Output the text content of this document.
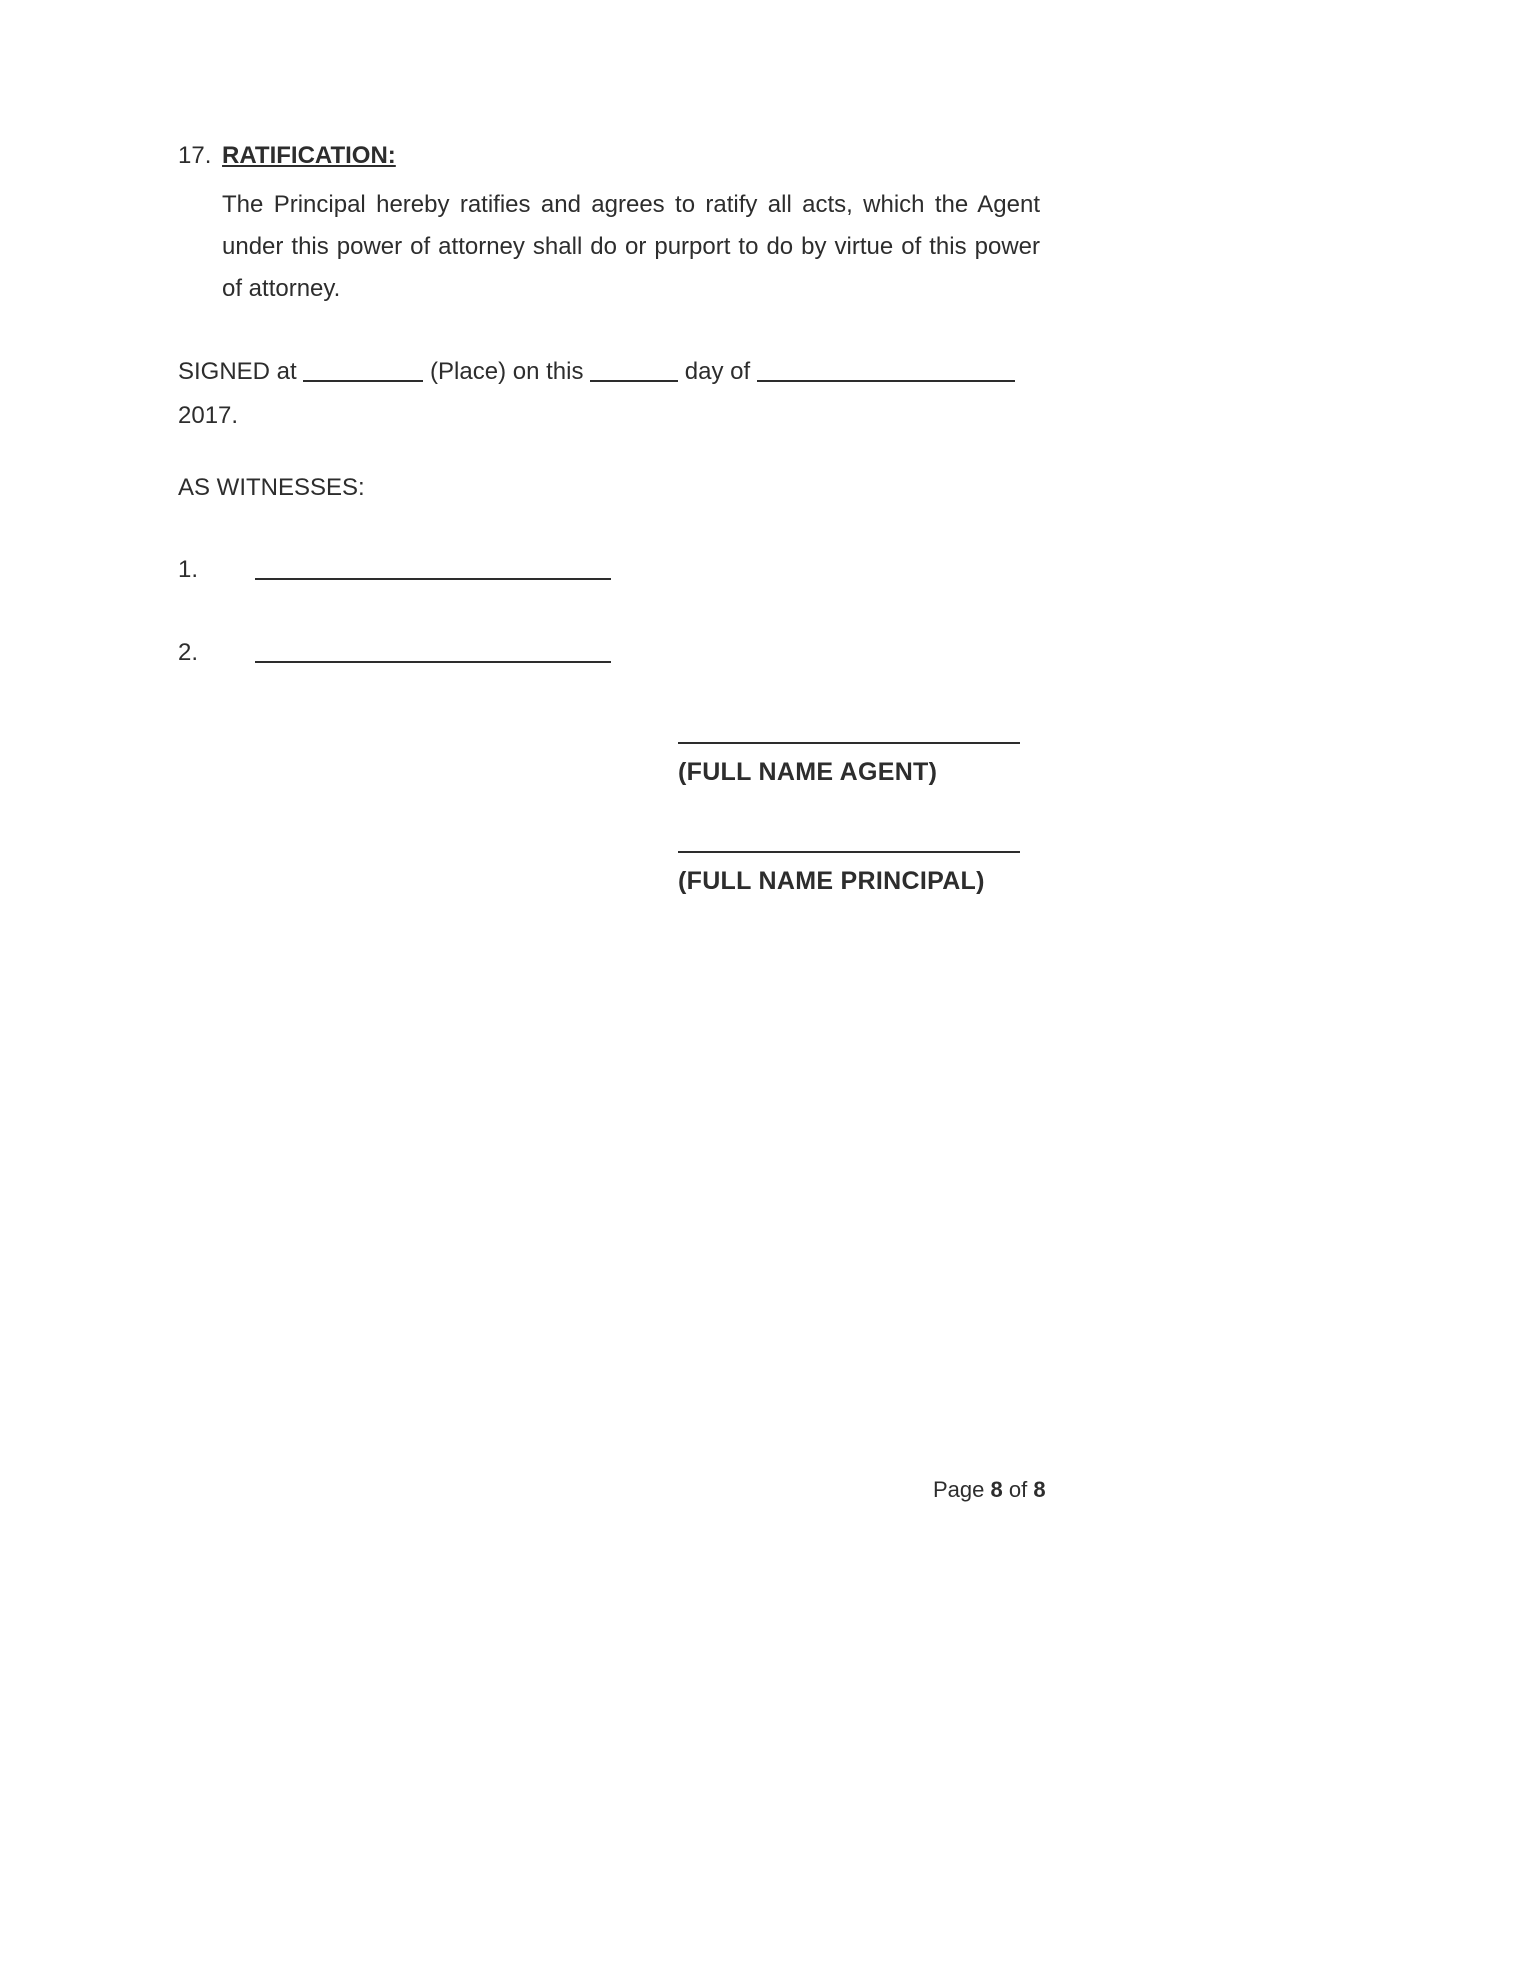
17. RATIFICATION:

The Principal hereby ratifies and agrees to ratify all acts, which the Agent under this power of attorney shall do or purport to do by virtue of this power of attorney.

SIGNED at	(Place) on this	day of
2017.
AS WITNESSES:
1.
2.
(FULL NAME AGENT)
(FULL NAME PRINCIPAL)
Page 8 of 8
